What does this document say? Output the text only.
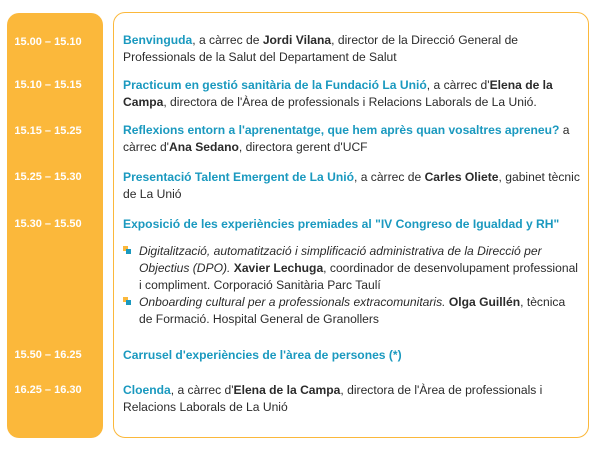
15.00 – 15.10
15.10 – 15.15
15.15 – 15.25
15.25 – 15.30
15.30 – 15.50
15.50 – 16.25
16.25 – 16.30
Benvinguda, a càrrec de Jordi Vilana, director de la Direcció General de Professionals de la Salut del Departament de Salut
Practicum en gestió sanitària de la Fundació La Unió, a càrrec d'Elena de la Campa, directora de l'Àrea de professionals i Relacions Laborals de La Unió.
Reflexions entorn a l'aprenentatge, que hem après quan vosaltres apreneu? a càrrec d'Ana Sedano, directora gerent d'UCF
Presentació Talent Emergent de La Unió, a càrrec de Carles Oliete, gabinet tècnic de La Unió
Exposició de les experiències premiades al "IV Congreso de Igualdad y RH"
Digitalització, automatització i simplificació administrativa de la Direcció per Objectius (DPO). Xavier Lechuga, coordinador de desenvolupament professional i compliment. Corporació Sanitària Parc Taulí
Onboarding cultural per a professionals extracomunitaris. Olga Guillén, tècnica de Formació. Hospital General de Granollers
Carrusel d'experiències de l'àrea de persones (*)
Cloenda, a càrrec d'Elena de la Campa, directora de l'Àrea de professionals i Relacions Laborals de La Unió
